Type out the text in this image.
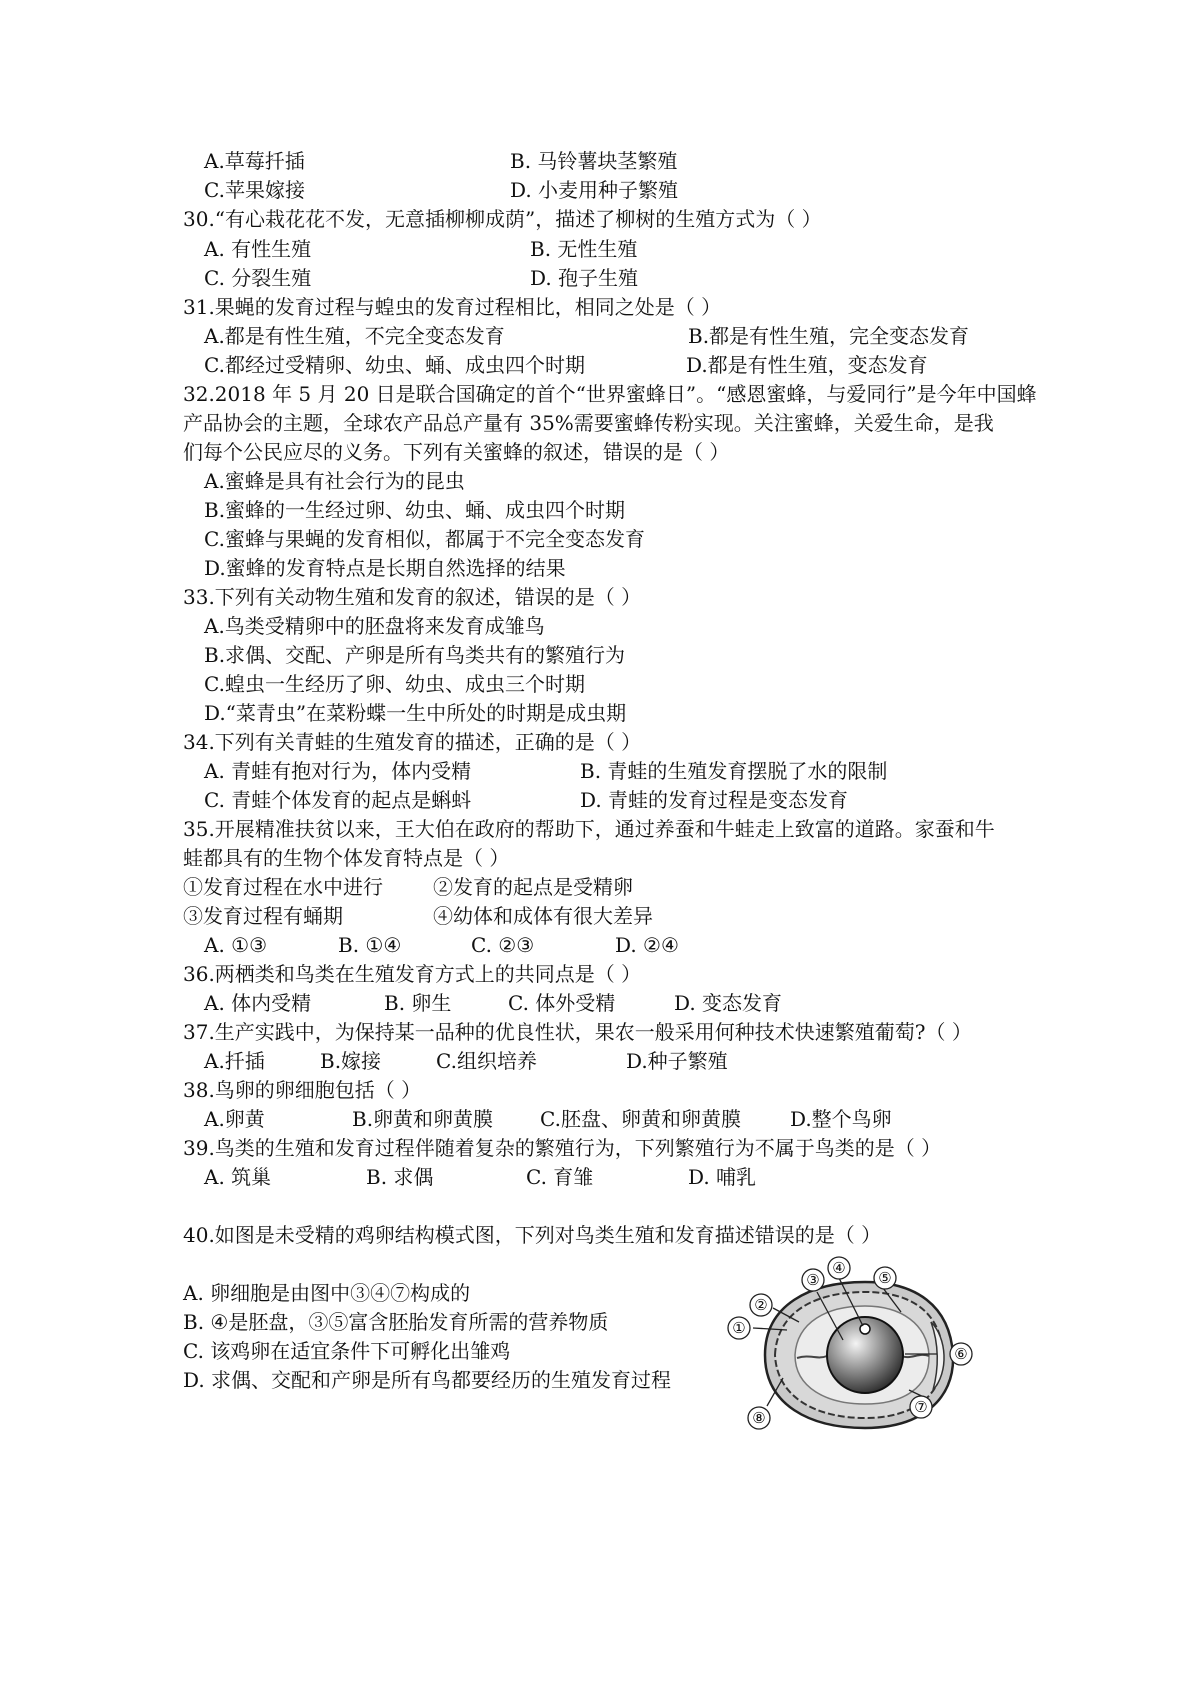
A.草莓扦插	B. 马铃薯块茎繁殖
C.苹果嫁接	D. 小麦用种子繁殖
30.“有心栽花花不发，无意插柳柳成荫”，描述了柳树的生殖方式为（ ）
A. 有性生殖	B. 无性生殖
C. 分裂生殖	D. 孢子生殖
31.果蝇的发育过程与蝗虫的发育过程相比，相同之处是（ ）
A.都是有性生殖，不完全变态发育	B.都是有性生殖，完全变态发育
C.都经过受精卵、幼虫、蛹、成虫四个时期	D.都是有性生殖，变态发育
32.2018 年 5 月 20 日是联合国确定的首个“世界蜜蜂日”。“感恩蜜蜂，与爱同行”是今年中国蜂
产品协会的主题，全球农产品总产量有 35%需要蜜蜂传粉实现。关注蜜蜂，关爱生命，是我
们每个公民应尽的义务。下列有关蜜蜂的叙述，错误的是（ ）
A.蜜蜂是具有社会行为的昆虫
B.蜜蜂的一生经过卵、幼虫、蛹、成虫四个时期
C.蜜蜂与果蝇的发育相似，都属于不完全变态发育
D.蜜蜂的发育特点是长期自然选择的结果
33.下列有关动物生殖和发育的叙述，错误的是（ ）
A.鸟类受精卵中的胚盘将来发育成雏鸟
B.求偶、交配、产卵是所有鸟类共有的繁殖行为
C.蝗虫一生经历了卵、幼虫、成虫三个时期
D.“菜青虫”在菜粉蝶一生中所处的时期是成虫期
34.下列有关青蛙的生殖发育的描述，正确的是（ ）
A. 青蛙有抱对行为，体内受精	B. 青蛙的生殖发育摆脱了水的限制
C. 青蛙个体发育的起点是蝌蚪	D. 青蛙的发育过程是变态发育
35.开展精准扶贫以来，王大伯在政府的帮助下，通过养蚕和牛蛙走上致富的道路。家蚕和牛
蛙都具有的生物个体发育特点是（ ）
①发育过程在水中进行	②发育的起点是受精卵
③发育过程有蛹期	④幼体和成体有很大差异
A. ①③	B. ①④	C. ②③	D. ②④
36.两栖类和鸟类在生殖发育方式上的共同点是（ ）
A. 体内受精	B. 卵生	C. 体外受精	D. 变态发育
37.生产实践中，为保持某一品种的优良性状，果农一般采用何种技术快速繁殖葡萄?（ ）
A.扦插	B.嫁接	C.组织培养	D.种子繁殖
38.鸟卵的卵细胞包括（ ）
A.卵黄	B.卵黄和卵黄膜 C.胚盘、卵黄和卵黄膜 D.整个鸟卵
39.鸟类的生殖和发育过程伴随着复杂的繁殖行为，下列繁殖行为不属于鸟类的是（ ）
A. 筑巢	B. 求偶	C. 育雏	D. 哺乳
40.如图是未受精的鸡卵结构模式图，下列对鸟类生殖和发育描述错误的是（ ）
A. 卵细胞是由图中③④⑦构成的
B. ④是胚盘，③⑤富含胚胎发育所需的营养物质
C. 该鸡卵在适宜条件下可孵化出雏鸡
D. 求偶、交配和产卵是所有鸟都要经历的生殖发育过程
①
②
③
④
⑤
⑥
⑦
⑧
